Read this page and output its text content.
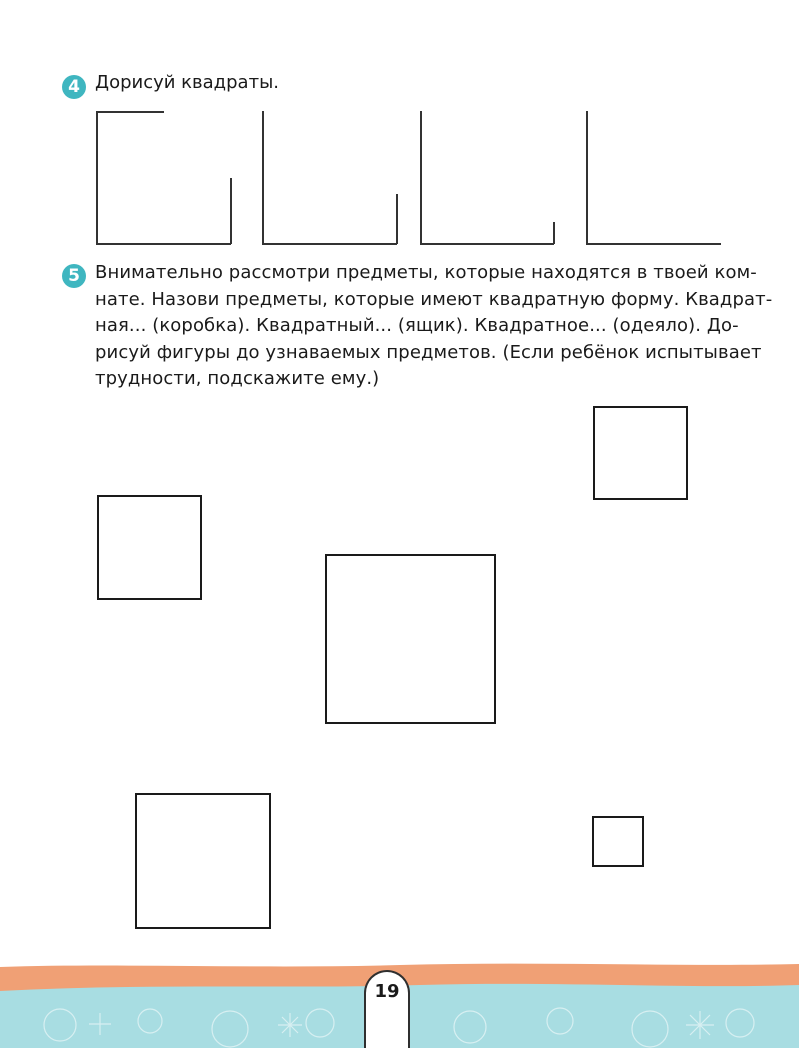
4 Дорисуй квадраты.
5 Внимательно рассмотри предметы, которые находятся в твоей ком-
нате. Назови предметы, которые имеют квадратную форму. Квадрат-
ная... (коробка). Квадратный... (ящик). Квадратное... (одеяло). До-
рисуй фигуры до узнаваемых предметов. (Если ребёнок испытывает
трудности, подскажите ему.)
19
